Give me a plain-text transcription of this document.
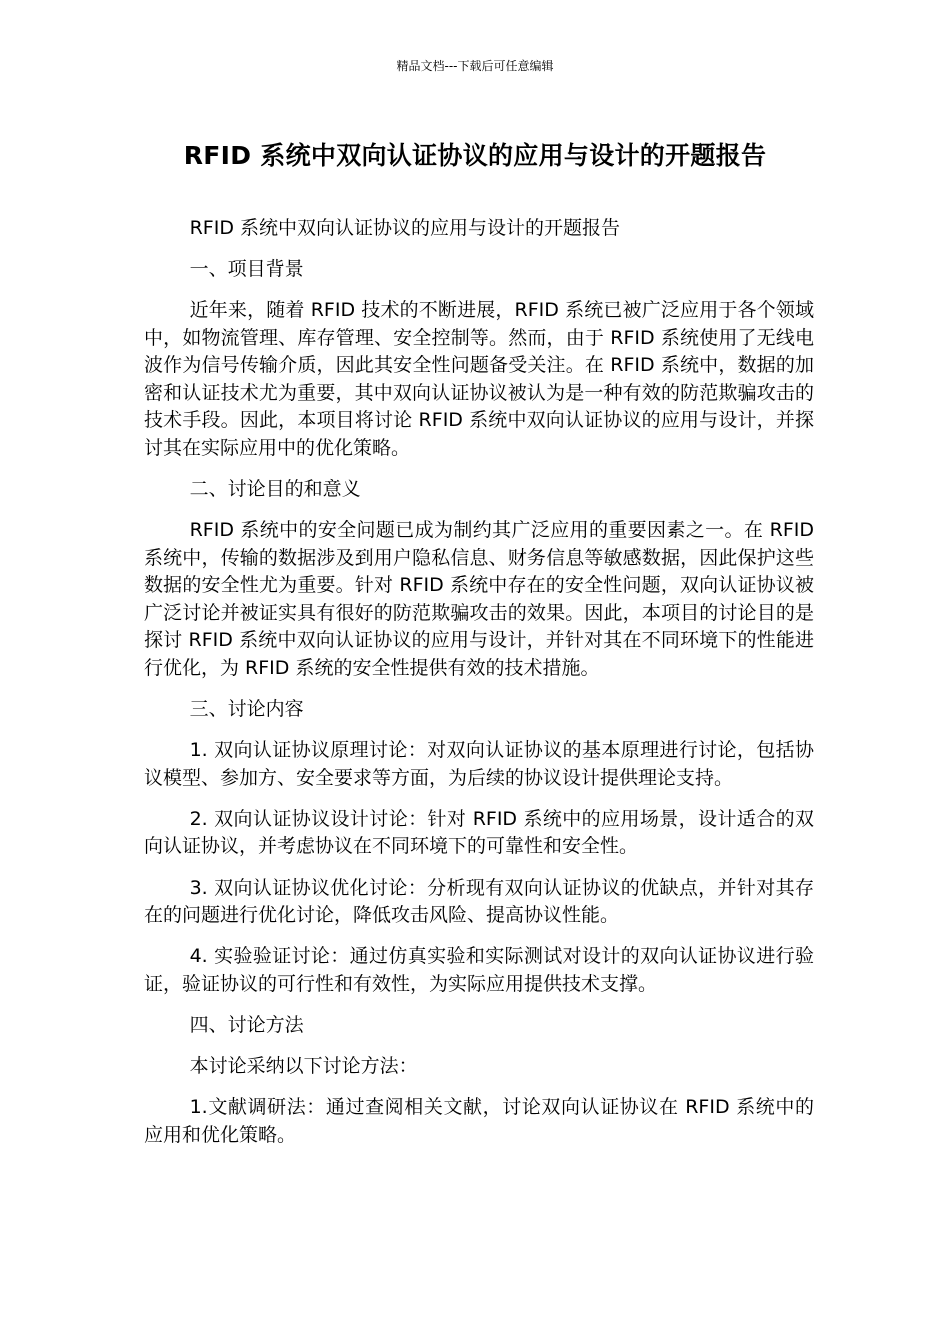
精品文档---下载后可任意编辑
RFID 系统中双向认证协议的应用与设计的开题报告

RFID 系统中双向认证协议的应用与设计的开题报告

一、项目背景

近年来，随着 RFID 技术的不断进展，RFID 系统已被广泛应用于各个领域中，如物流管理、库存管理、安全控制等。然而，由于 RFID 系统使用了无线电波作为信号传输介质，因此其安全性问题备受关注。在 RFID 系统中，数据的加密和认证技术尤为重要，其中双向认证协议被认为是一种有效的防范欺骗攻击的技术手段。因此，本项目将讨论 RFID 系统中双向认证协议的应用与设计，并探讨其在实际应用中的优化策略。

二、讨论目的和意义

RFID 系统中的安全问题已成为制约其广泛应用的重要因素之一。在 RFID 系统中，传输的数据涉及到用户隐私信息、财务信息等敏感数据，因此保护这些数据的安全性尤为重要。针对 RFID 系统中存在的安全性问题，双向认证协议被广泛讨论并被证实具有很好的防范欺骗攻击的效果。因此，本项目的讨论目的是探讨 RFID 系统中双向认证协议的应用与设计，并针对其在不同环境下的性能进行优化，为 RFID 系统的安全性提供有效的技术措施。

三、讨论内容

1. 双向认证协议原理讨论：对双向认证协议的基本原理进行讨论，包括协议模型、参加方、安全要求等方面，为后续的协议设计提供理论支持。

2. 双向认证协议设计讨论：针对 RFID 系统中的应用场景，设计适合的双向认证协议，并考虑协议在不同环境下的可靠性和安全性。

3. 双向认证协议优化讨论：分析现有双向认证协议的优缺点，并针对其存在的问题进行优化讨论，降低攻击风险、提高协议性能。

4. 实验验证讨论：通过仿真实验和实际测试对设计的双向认证协议进行验证，验证协议的可行性和有效性，为实际应用提供技术支撑。

四、讨论方法

本讨论采纳以下讨论方法：

1.文献调研法：通过查阅相关文献，讨论双向认证协议在 RFID 系统中的应用和优化策略。
